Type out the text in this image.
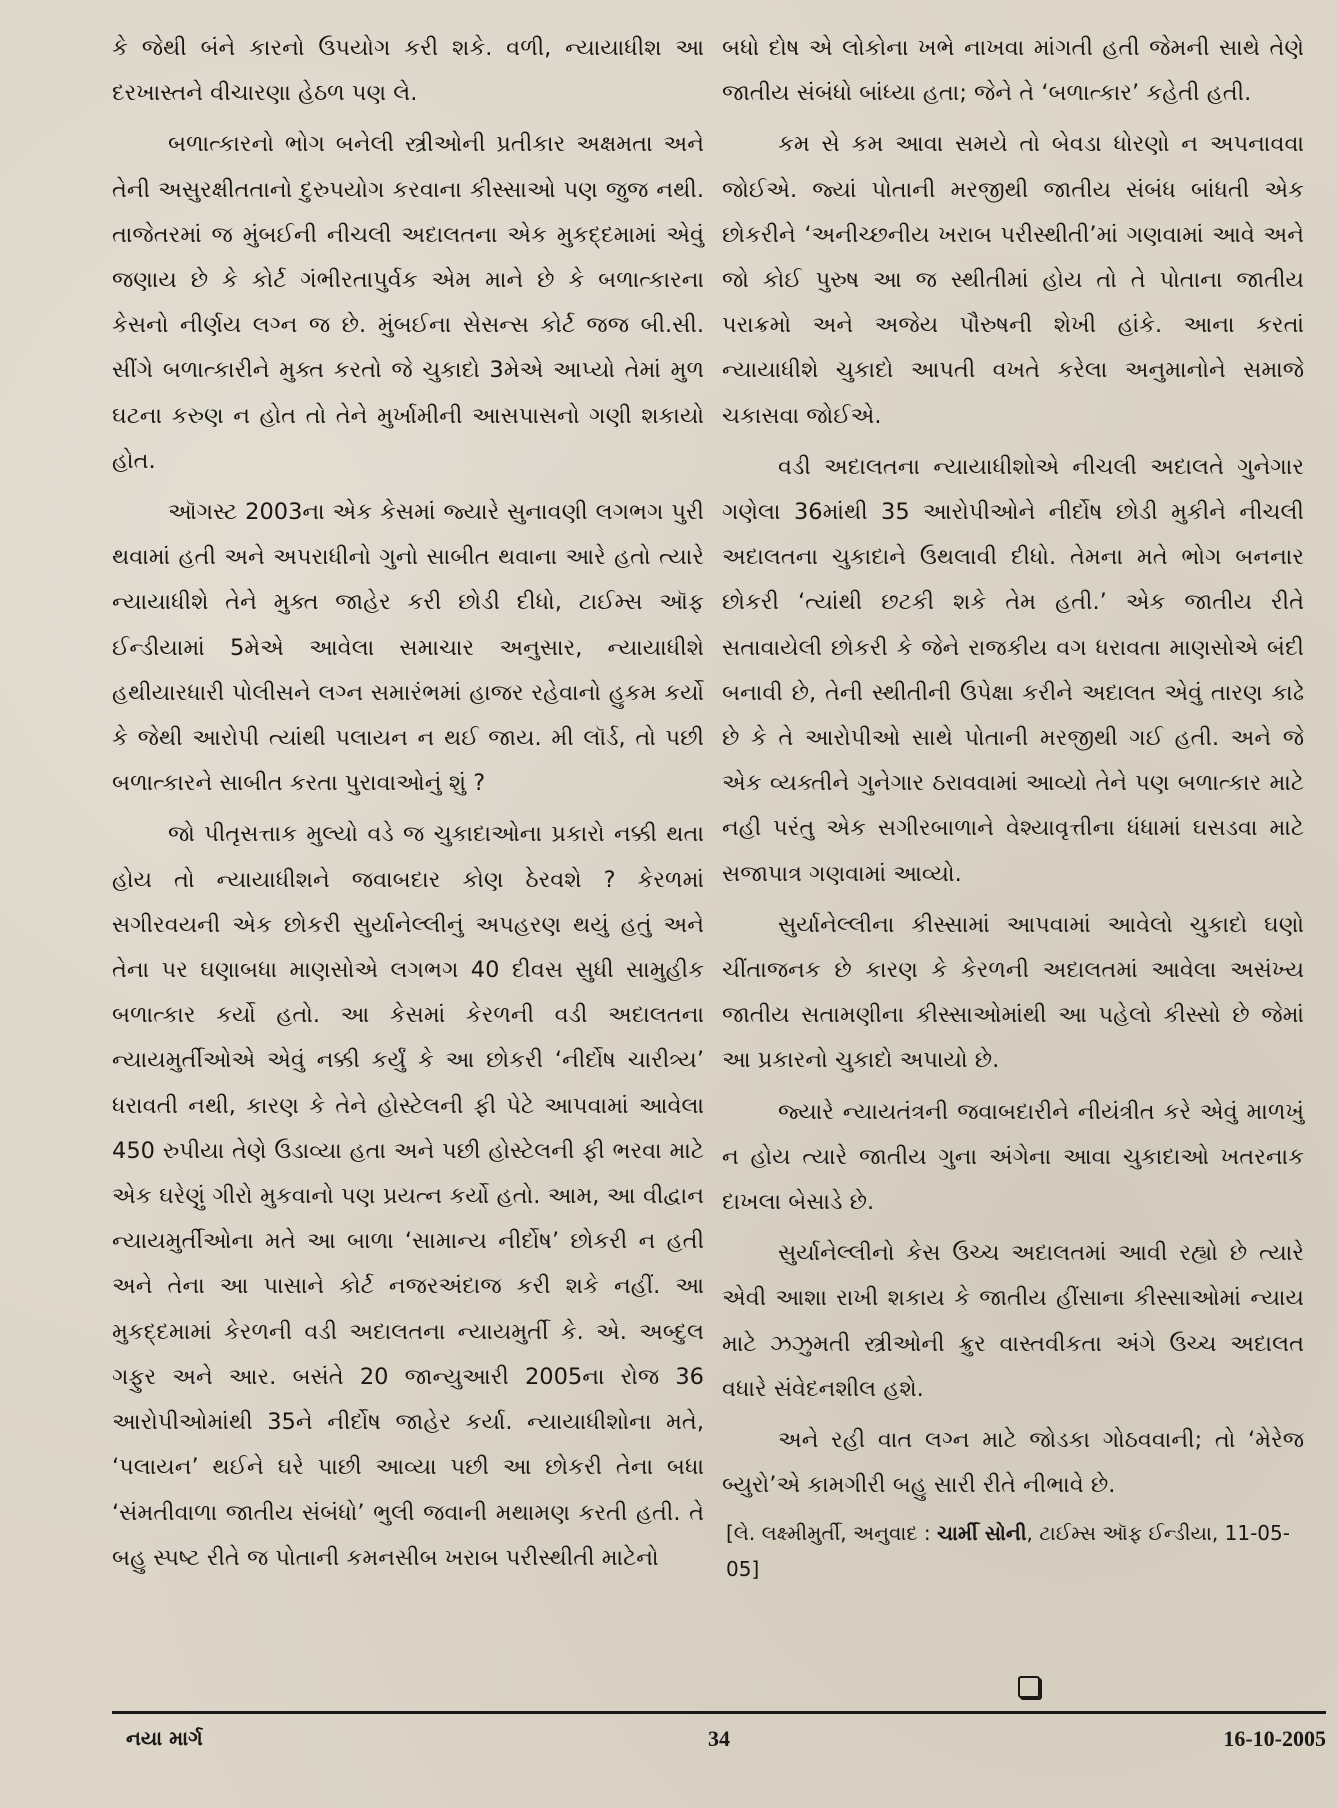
કે જેથી બંને કારનો ઉપયોગ કરી શકે. વળી, ન્યાયાધીશ આ દરખાસ્તને વીચારણા હેઠળ પણ લે.

બળાત્કારનો ભોગ બનેલી સ્ત્રીઓની પ્રતીકાર અક્ષમતા અને તેની અસુરક્ષીતતાનો દુરુપયોગ કરવાના કીસ્સાઓ પણ જુજ નથી. તાજેતરમાં જ મુંબઈની નીચલી અદાલતના એક મુકદ્દમામાં એવું જણાય છે કે કોર્ટ ગંભીરતાપુર્વક એમ માને છે કે બળાત્કારના કેસનો નીર્ણય લગ્ન જ છે. મુંબઈના સેસન્સ કોર્ટ જજ બી.સી. સીંગે બળાત્કારીને મુક્ત કરતો જે ચુકાદો 3મેએ આપ્યો તેમાં મુળ ઘટના કરુણ ન હોત તો તેને મુર્ખામીની આસપાસનો ગણી શકાયો હોત.

ઑગસ્ટ 2003ના એક કેસમાં જ્યારે સુનાવણી લગભગ પુરી થવામાં હતી અને અપરાધીનો ગુનો સાબીત થવાના આરે હતો ત્યારે ન્યાયાધીશે તેને મુક્ત જાહેર કરી છોડી દીધો, ટાઈમ્સ ઑફ ઈન્ડીયામાં 5મેએ આવેલા સમાચાર અનુસાર, ન્યાયાધીશે હથીયારધારી પોલીસને લગ્ન સમારંભમાં હાજર રહેવાનો હુકમ કર્યો કે જેથી આરોપી ત્યાંથી પલાયન ન થઈ જાય. મી લૉર્ડ, તો પછી બળાત્કારને સાબીત કરતા પુરાવાઓનું શું ?

જો પીતૃસત્તાક મુલ્યો વડે જ ચુકાદાઓના પ્રકારો નક્કી થતા હોય તો ન્યાયાધીશને જવાબદાર કોણ ઠેરવશે ? કેરળમાં સગીરવયની એક છોકરી સુર્યાનેલ્લીનું અપહરણ થયું હતું અને તેના પર ઘણાબધા માણસોએ લગભગ 40 દીવસ સુધી સામુહીક બળાત્કાર કર્યો હતો. આ કેસમાં કેરળની વડી અદાલતના ન્યાયમુર્તીઓએ એવું નક્કી કર્યું કે આ છોકરી ‘નીર્દોષ ચારીત્ર્ય’ ધરાવતી નથી, કારણ કે તેને હોસ્ટેલની ફી પેટે આપવામાં આવેલા 450 રુપીયા તેણે ઉડાવ્યા હતા અને પછી હોસ્ટેલની ફી ભરવા માટે એક ઘરેણું ગીરો મુકવાનો પણ પ્રયત્ન કર્યો હતો. આમ, આ વીદ્વાન ન્યાયમુર્તીઓના મતે આ બાળા ‘સામાન્ય નીર્દોષ’ છોકરી ન હતી અને તેના આ પાસાને કોર્ટ નજરઅંદાજ કરી શકે નહીં. આ મુકદ્દમામાં કેરળની વડી અદાલતના ન્યાયમુર્તી કે. એ. અબ્દુલ ગફુર અને આર. બસંતે 20 જાન્યુઆરી 2005ના રોજ 36 આરોપીઓમાંથી 35ને નીર્દોષ જાહેર કર્યા. ન્યાયાધીશોના મતે, ‘પલાયન’ થઈને ઘરે પાછી આવ્યા પછી આ છોકરી તેના બધા ‘સંમતીવાળા જાતીય સંબંધો’ ભુલી જવાની મથામણ કરતી હતી. તે બહુ સ્પષ્ટ રીતે જ પોતાની કમનસીબ ખરાબ પરીસ્થીતી માટેનો

બધો દોષ એ લોકોના ખભે નાખવા માંગતી હતી જેમની સાથે તેણે જાતીય સંબંધો બાંધ્યા હતા; જેને તે ‘બળાત્કાર’ કહેતી હતી.

કમ સે કમ આવા સમયે તો બેવડા ધોરણો ન અપનાવવા જોઈએ. જ્યાં પોતાની મરજીથી જાતીય સંબંધ બાંધતી એક છોકરીને ‘અનીચ્છનીય ખરાબ પરીસ્થીતી’માં ગણવામાં આવે અને જો કોઈ પુરુષ આ જ સ્થીતીમાં હોય તો તે પોતાના જાતીય પરાક્રમો અને અજેય પૌરુષની શેખી હાંકે. આના કરતાં ન્યાયાધીશે ચુકાદો આપતી વખતે કરેલા અનુમાનોને સમાજે ચકાસવા જોઈએ.

વડી અદાલતના ન્યાયાધીશોએ નીચલી અદાલતે ગુનેગાર ગણેલા 36માંથી 35 આરોપીઓને નીર્દોષ છોડી મુકીને નીચલી અદાલતના ચુકાદાને ઉથલાવી દીધો. તેમના મતે ભોગ બનનાર છોકરી ‘ત્યાંથી છટકી શકે તેમ હતી.’ એક જાતીય રીતે સતાવાયેલી છોકરી કે જેને રાજકીય વગ ધરાવતા માણસોએ બંદી બનાવી છે, તેની સ્થીતીની ઉપેક્ષા કરીને અદાલત એવું તારણ કાઢે છે કે તે આરોપીઓ સાથે પોતાની મરજીથી ગઈ હતી. અને જે એક વ્યક્તીને ગુનેગાર ઠરાવવામાં આવ્યો તેને પણ બળાત્કાર માટે નહી પરંતુ એક સગીરબાળાને વેશ્યાવૃત્તીના ધંધામાં ઘસડવા માટે સજાપાત્ર ગણવામાં આવ્યો.

સુર્યાનેલ્લીના કીસ્સામાં આપવામાં આવેલો ચુકાદો ઘણો ચીંતાજનક છે કારણ કે કેરળની અદાલતમાં આવેલા અસંખ્ય જાતીય સતામણીના કીસ્સાઓમાંથી આ પહેલો કીસ્સો છે જેમાં આ પ્રકારનો ચુકાદો અપાયો છે.

જ્યારે ન્યાયતંત્રની જવાબદારીને નીયંત્રીત કરે એવું માળખું ન હોય ત્યારે જાતીય ગુના અંગેના આવા ચુકાદાઓ ખતરનાક દાખલા બેસાડે છે.

સુર્યાનેલ્લીનો કેસ ઉચ્ચ અદાલતમાં આવી રહ્યો છે ત્યારે એવી આશા રાખી શકાય કે જાતીય હીંસાના કીસ્સાઓમાં ન્યાય માટે ઝઝુમતી સ્ત્રીઓની ક્રુર વાસ્તવીકતા અંગે ઉચ્ચ અદાલત વધારે સંવેદનશીલ હશે.

અને રહી વાત લગ્ન માટે જોડકા ગોઠવવાની; તો ‘મેરેજ બ્યુરો’એ કામગીરી બહુ સારી રીતે નીભાવે છે.

[લે. લક્ષ્મીમુર્તી, અનુવાદ : ચાર્મી સોની, ટાઈમ્સ ઑફ ઈન્ડીયા, 11-05-05]
નયા માર્ગ	34	16-10-2005
